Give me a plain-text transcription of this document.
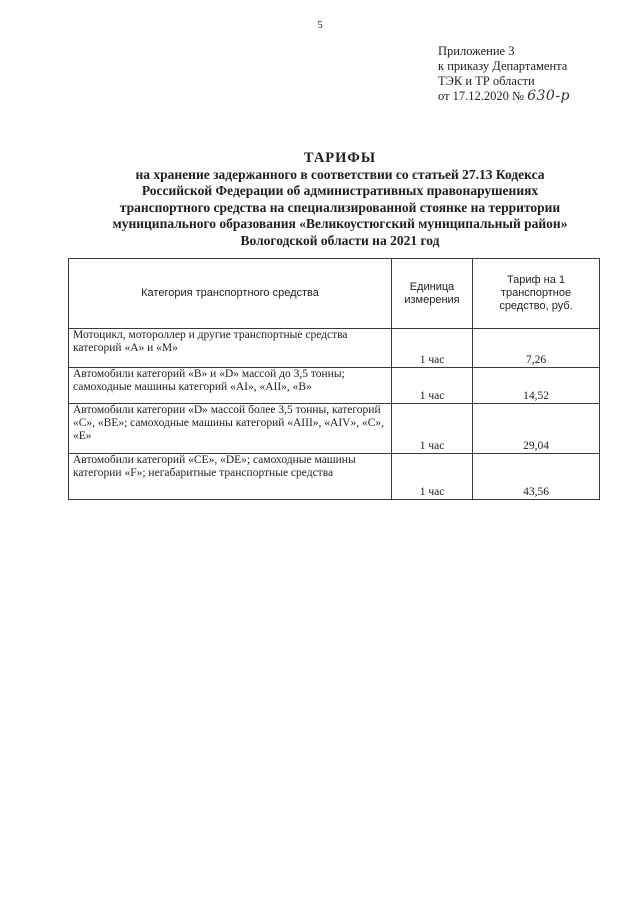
5
Приложение 3
к приказу Департамента
ТЭК и ТР области
от 17.12.2020 № 630-р
ТАРИФЫ
на хранение задержанного в соответствии со статьей 27.13 Кодекса
Российской Федерации об административных правонарушениях
транспортного средства на специализированной стоянке на территории
муниципального образования «Великоустюгский муниципальный район»
Вологодской области на 2021 год
Категория транспортного средства	Единица измерения	Тариф на 1 транспортное средство, руб.
Мотоцикл, мотороллер и другие транспортные средства категорий «А» и «М»	1 час	7,26
Автомобили категорий «В» и «D» массой до 3,5 тонны; самоходные машины категорий «AI», «AII», «В»	1 час	14,52
Автомобили категории «D» массой более 3,5 тонны, категорий «С», «ВЕ»; самоходные машины категорий «AIII», «AIV», «С», «Е»	1 час	29,04
Автомобили категорий «СЕ», «DE»; самоходные машины категории «F»; негабаритные транспортные средства	1 час	43,56
